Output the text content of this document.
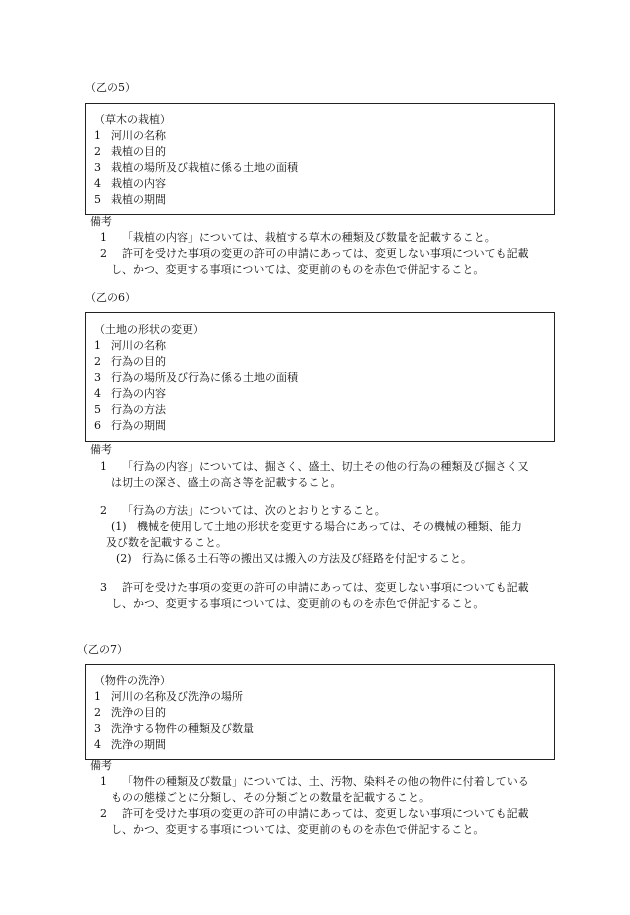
（乙の5）
（草木の栽植）
1 河川の名称
2 栽植の目的
3 栽植の場所及び栽植に係る土地の面積
4 栽植の内容
5 栽植の期間
備考
1 「栽植の内容」については、栽植する草木の種類及び数量を記載すること。
2 許可を受けた事項の変更の許可の申請にあっては、変更しない事項についても記載
し、かつ、変更する事項については、変更前のものを赤色で併記すること。
（乙の6）
（土地の形状の変更）
1 河川の名称
2 行為の目的
3 行為の場所及び行為に係る土地の面積
4 行為の内容
5 行為の方法
6 行為の期間
備考
1 「行為の内容」については、掘さく、盛土、切土その他の行為の種類及び掘さく又
は切土の深さ、盛土の高さ等を記載すること。
2 「行為の方法」については、次のとおりとすること。
(1) 機械を使用して土地の形状を変更する場合にあっては、その機械の種類、能力
及び数を記載すること。
(2) 行為に係る土石等の搬出又は搬入の方法及び経路を付記すること。
3 許可を受けた事項の変更の許可の申請にあっては、変更しない事項についても記載
し、かつ、変更する事項については、変更前のものを赤色で併記すること。
（乙の7）
（物件の洗浄）
1 河川の名称及び洗浄の場所
2 洗浄の目的
3 洗浄する物件の種類及び数量
4 洗浄の期間
備考
1 「物件の種類及び数量」については、土、汚物、染料その他の物件に付着している
ものの態様ごとに分類し、その分類ごとの数量を記載すること。
2 許可を受けた事項の変更の許可の申請にあっては、変更しない事項についても記載
し、かつ、変更する事項については、変更前のものを赤色で併記すること。
